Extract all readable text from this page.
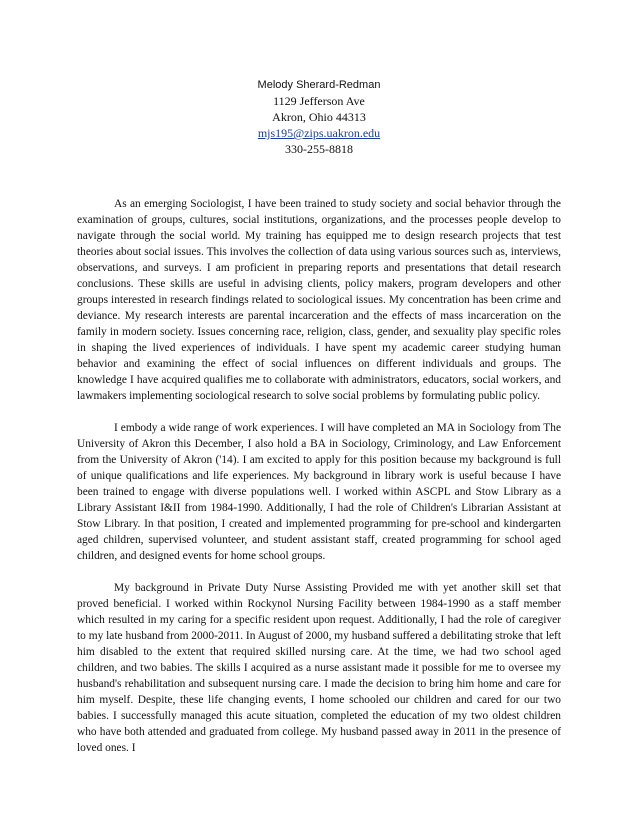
Melody Sherard-Redman
1129 Jefferson Ave
Akron, Ohio 44313
mjs195@zips.uakron.edu
330-255-8818

As an emerging Sociologist, I have been trained to study society and social behavior through the examination of groups, cultures, social institutions, organizations, and the processes people develop to navigate through the social world. My training has equipped me to design research projects that test theories about social issues. This involves the collection of data using various sources such as, interviews, observations, and surveys. I am proficient in preparing reports and presentations that detail research conclusions. These skills are useful in advising clients, policy makers, program developers and other groups interested in research findings related to sociological issues. My concentration has been crime and deviance. My research interests are parental incarceration and the effects of mass incarceration on the family in modern society. Issues concerning race, religion, class, gender, and sexuality play specific roles in shaping the lived experiences of individuals. I have spent my academic career studying human behavior and examining the effect of social influences on different individuals and groups. The knowledge I have acquired qualifies me to collaborate with administrators, educators, social workers, and lawmakers implementing sociological research to solve social problems by formulating public policy.

I embody a wide range of work experiences. I will have completed an MA in Sociology from The University of Akron this December, I also hold a BA in Sociology, Criminology, and Law Enforcement from the University of Akron ('14). I am excited to apply for this position because my background is full of unique qualifications and life experiences. My background in library work is useful because I have been trained to engage with diverse populations well. I worked within ASCPL and Stow Library as a Library Assistant I&II from 1984-1990. Additionally, I had the role of Children's Librarian Assistant at Stow Library. In that position, I created and implemented programming for pre-school and kindergarten aged children, supervised volunteer, and student assistant staff, created programming for school aged children, and designed events for home school groups.

My background in Private Duty Nurse Assisting Provided me with yet another skill set that proved beneficial. I worked within Rockynol Nursing Facility between 1984-1990 as a staff member which resulted in my caring for a specific resident upon request. Additionally, I had the role of caregiver to my late husband from 2000-2011. In August of 2000, my husband suffered a debilitating stroke that left him disabled to the extent that required skilled nursing care. At the time, we had two school aged children, and two babies. The skills I acquired as a nurse assistant made it possible for me to oversee my husband's rehabilitation and subsequent nursing care. I made the decision to bring him home and care for him myself. Despite, these life changing events, I home schooled our children and cared for our two babies. I successfully managed this acute situation, completed the education of my two oldest children who have both attended and graduated from college. My husband passed away in 2011 in the presence of loved ones. I
